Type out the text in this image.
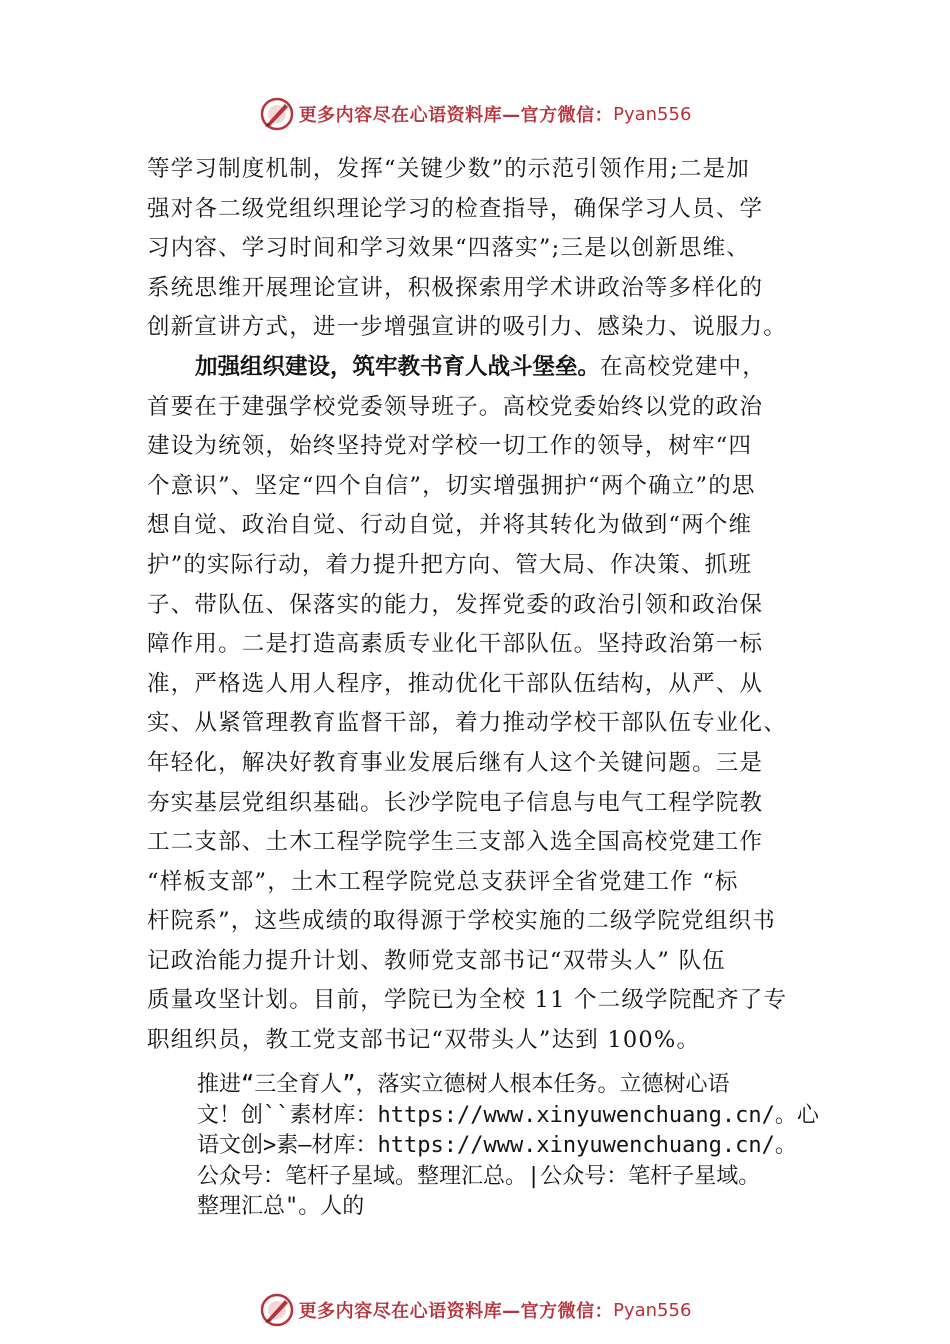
更多内容尽在心语资料库—官方微信： Pyan556
等学习制度机制，发挥“关键少数”的示范引领作用;二是加
强对各二级党组织理论学习的检查指导，确保学习人员、学
习内容、学习时间和学习效果“四落实”;三是以创新思维、
系统思维开展理论宣讲，积极探索用学术讲政治等多样化的
创新宣讲方式，进一步增强宣讲的吸引力、感染力、说服力。
加强组织建设，筑牢教书育人战斗堡垒。在高校党建中，
首要在于建强学校党委领导班子。高校党委始终以党的政治
建设为统领，始终坚持党对学校一切工作的领导，树牢“四
个意识”、坚定“四个自信”，切实增强拥护“两个确立”的思
想自觉、政治自觉、行动自觉，并将其转化为做到“两个维
护”的实际行动，着力提升把方向、管大局、作决策、抓班
子、带队伍、保落实的能力，发挥党委的政治引领和政治保
障作用。二是打造高素质专业化干部队伍。坚持政治第一标
准，严格选人用人程序，推动优化干部队伍结构，从严、从
实、从紧管理教育监督干部，着力推动学校干部队伍专业化、
年轻化，解决好教育事业发展后继有人这个关键问题。三是
夯实基层党组织基础。长沙学院电子信息与电气工程学院教
工二支部、土木工程学院学生三支部入选全国高校党建工作
“样板支部”，土木工程学院党总支获评全省党建工作 “标
杆院系”，这些成绩的取得源于学校实施的二级学院党组织书
记政治能力提升计划、教师党支部书记“双带头人” 队伍
质量攻坚计划。目前，学院已为全校 11 个二级学院配齐了专
职组织员，教工党支部书记“双带头人”达到 100%。
推进“三全育人”，落实立德树人根本任务。立德树心语
文！创``素材库：https://www.xinyuwenchuang.cn/。心
语文创>素—材库：https://www.xinyuwenchuang.cn/。
公众号：笔杆子星域。整理汇总。|公众号：笔杆子星域。
整理汇总"。人的
更多内容尽在心语资料库—官方微信： Pyan556
